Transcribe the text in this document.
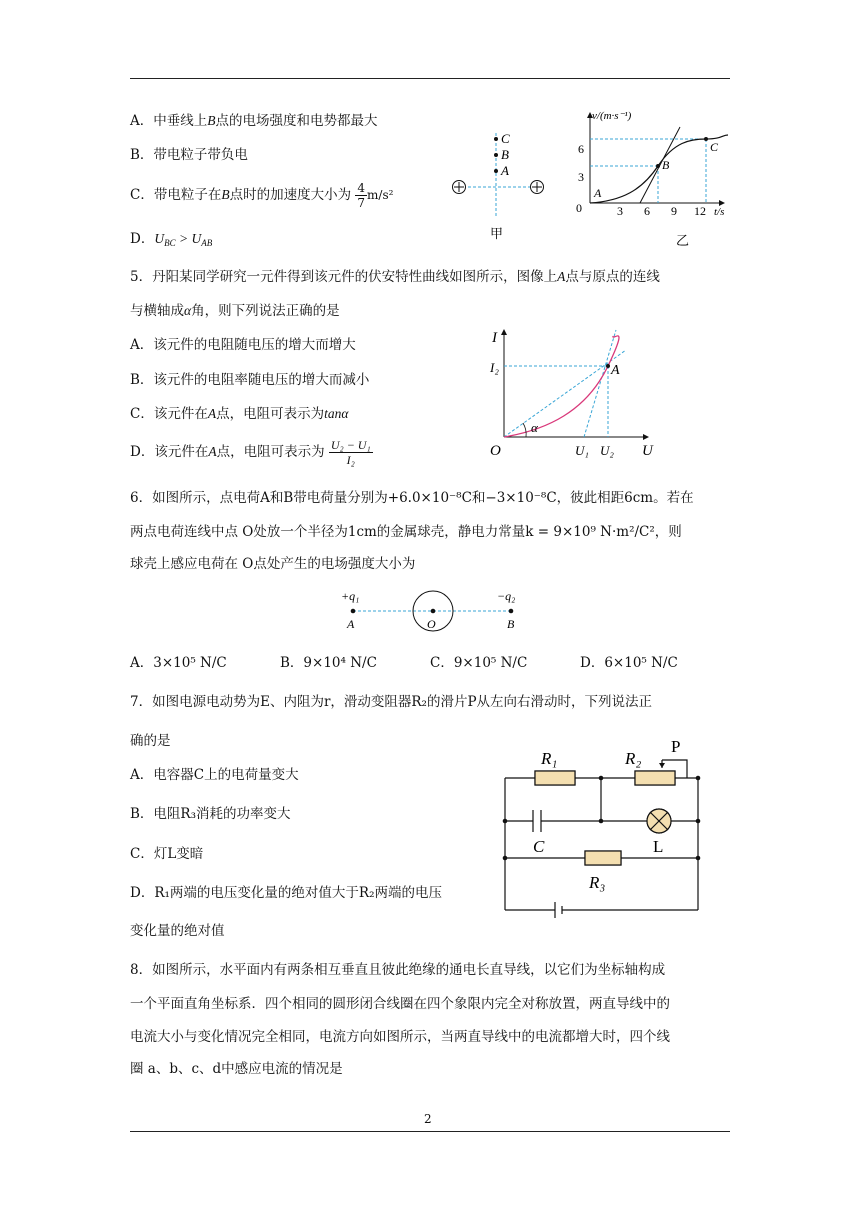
A．中垂线上B点的电场强度和电势都最大
B．带电粒子带负电
C．带电粒子在B点时的加速度大小为 $\frac{4}{7} m/s^2$
D．$U_{BC} > U_{AB}$
C
B
A
甲
v/(m·s⁻¹)
t/s
0	3 6 9 12
3
6
A
B
C
乙
5．丹阳某同学研究一元件得到该元件的伏安特性曲线如图所示，图像上A点与原点的连线
与横轴成α角，则下列说法正确的是
A．该元件的电阻随电压的增大而增大
B．该元件的电阻率随电压的增大而减小
C．该元件在A点，电阻可表示为tanα
D．该元件在A点，电阻可表示为 $\frac{\text{U₂ − U₁}}{\text{I₂}}$
I
U
O
I₂	A
α
U₁ U₂
6．如图所示，点电荷A和B带电荷量分别为+6.0×10⁻⁸C和−3×10⁻⁸C，彼此相距6cm。若在
两点电荷连线中点 O处放一个半径为1cm的金属球壳，静电力常量k = 9×10⁹ N·m²/C²，则
球壳上感应电荷在 O点处产生的电场强度大小为
+q₁
A	O
−q₂
B
A．3×10⁵ N/C	B．9×10⁴ N/C	C．9×10⁵ N/C	D．6×10⁵ N/C
7．如图电源电动势为E、内阻为r，滑动变阻器R₂的滑片P从左向右滑动时，下列说法正
确的是
A．电容器C上的电荷量变大
B．电阻R₃消耗的功率变大
C．灯L变暗
D．R₁两端的电压变化量的绝对值大于R₂两端的电压
变化量的绝对值
R₁	R₂
P
C	L
R₃
8．如图所示，水平面内有两条相互垂直且彼此绝缘的通电长直导线，以它们为坐标轴构成
一个平面直角坐标系．四个相同的圆形闭合线圈在四个象限内完全对称放置，两直导线中的
电流大小与变化情况完全相同，电流方向如图所示，当两直导线中的电流都增大时，四个线
圈 a、b、c、d中感应电流的情况是
2
